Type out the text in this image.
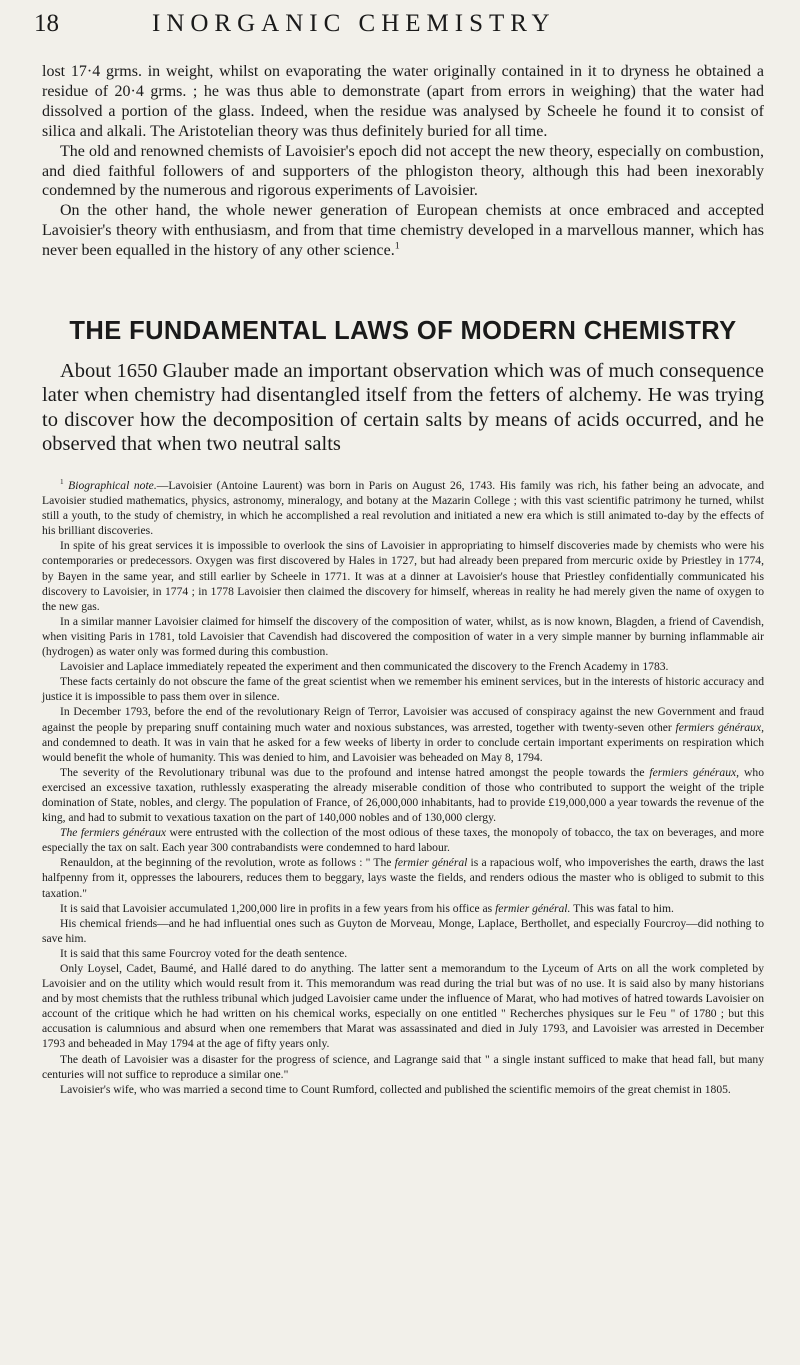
18	INORGANIC CHEMISTRY

lost 17·4 grms. in weight, whilst on evaporating the water originally contained in it to dryness he obtained a residue of 20·4 grms. ; he was thus able to demonstrate (apart from errors in weighing) that the water had dissolved a portion of the glass. Indeed, when the residue was analysed by Scheele he found it to consist of silica and alkali. The Aristotelian theory was thus definitely buried for all time.

The old and renowned chemists of Lavoisier's epoch did not accept the new theory, especially on combustion, and died faithful followers of and supporters of the phlogiston theory, although this had been inexorably condemned by the numerous and rigorous experiments of Lavoisier.

On the other hand, the whole newer generation of European chemists at once embraced and accepted Lavoisier's theory with enthusiasm, and from that time chemistry developed in a marvellous manner, which has never been equalled in the history of any other science.$^1$

THE FUNDAMENTAL LAWS OF MODERN CHEMISTRY

About 1650 Glauber made an important observation which was of much consequence later when chemistry had disentangled itself from the fetters of alchemy. He was trying to discover how the decomposition of certain salts by means of acids occurred, and he observed that when two neutral salts

$^1$ Biographical note.—Lavoisier (Antoine Laurent) was born in Paris on August 26, 1743. His family was rich, his father being an advocate, and Lavoisier studied mathematics, physics, astronomy, mineralogy, and botany at the Mazarin College ; with this vast scientific patrimony he turned, whilst still a youth, to the study of chemistry, in which he accomplished a real revolution and initiated a new era which is still animated to-day by the effects of his brilliant discoveries.

In spite of his great services it is impossible to overlook the sins of Lavoisier in appropriating to himself discoveries made by chemists who were his contemporaries or predecessors. Oxygen was first discovered by Hales in 1727, but had already been prepared from mercuric oxide by Priestley in 1774, by Bayen in the same year, and still earlier by Scheele in 1771. It was at a dinner at Lavoisier's house that Priestley confidentially communicated his discovery to Lavoisier, in 1774 ; in 1778 Lavoisier then claimed the discovery for himself, whereas in reality he had merely given the name of oxygen to the new gas.

In a similar manner Lavoisier claimed for himself the discovery of the composition of water, whilst, as is now known, Blagden, a friend of Cavendish, when visiting Paris in 1781, told Lavoisier that Cavendish had discovered the composition of water in a very simple manner by burning inflammable air (hydrogen) as water only was formed during this combustion.

Lavoisier and Laplace immediately repeated the experiment and then communicated the discovery to the French Academy in 1783.

These facts certainly do not obscure the fame of the great scientist when we remember his eminent services, but in the interests of historic accuracy and justice it is impossible to pass them over in silence.

In December 1793, before the end of the revolutionary Reign of Terror, Lavoisier was accused of conspiracy against the new Government and fraud against the people by preparing snuff containing much water and noxious substances, was arrested, together with twenty-seven other fermiers généraux, and condemned to death. It was in vain that he asked for a few weeks of liberty in order to conclude certain important experiments on respiration which would benefit the whole of humanity. This was denied to him, and Lavoisier was beheaded on May 8, 1794.

The severity of the Revolutionary tribunal was due to the profound and intense hatred amongst the people towards the fermiers généraux, who exercised an excessive taxation, ruthlessly exasperating the already miserable condition of those who contributed to support the weight of the triple domination of State, nobles, and clergy. The population of France, of 26,000,000 inhabitants, had to provide £19,000,000 a year towards the revenue of the king, and had to submit to vexatious taxation on the part of 140,000 nobles and of 130,000 clergy.

The fermiers généraux were entrusted with the collection of the most odious of these taxes, the monopoly of tobacco, the tax on beverages, and more especially the tax on salt. Each year 300 contrabandists were condemned to hard labour.

Renauldon, at the beginning of the revolution, wrote as follows : " The fermier général is a rapacious wolf, who impoverishes the earth, draws the last halfpenny from it, oppresses the labourers, reduces them to beggary, lays waste the fields, and renders odious the master who is obliged to submit to this taxation."

It is said that Lavoisier accumulated 1,200,000 lire in profits in a few years from his office as fermier général. This was fatal to him.

His chemical friends—and he had influential ones such as Guyton de Morveau, Monge, Laplace, Berthollet, and especially Fourcroy—did nothing to save him.

It is said that this same Fourcroy voted for the death sentence.

Only Loysel, Cadet, Baumé, and Hallé dared to do anything. The latter sent a memorandum to the Lyceum of Arts on all the work completed by Lavoisier and on the utility which would result from it. This memorandum was read during the trial but was of no use. It is said also by many historians and by most chemists that the ruthless tribunal which judged Lavoisier came under the influence of Marat, who had motives of hatred towards Lavoisier on account of the critique which he had written on his chemical works, especially on one entitled " Recherches physiques sur le Feu " of 1780 ; but this accusation is calumnious and absurd when one remembers that Marat was assassinated and died in July 1793, and Lavoisier was arrested in December 1793 and beheaded in May 1794 at the age of fifty years only.

The death of Lavoisier was a disaster for the progress of science, and Lagrange said that " a single instant sufficed to make that head fall, but many centuries will not suffice to reproduce a similar one."

Lavoisier's wife, who was married a second time to Count Rumford, collected and published the scientific memoirs of the great chemist in 1805.
